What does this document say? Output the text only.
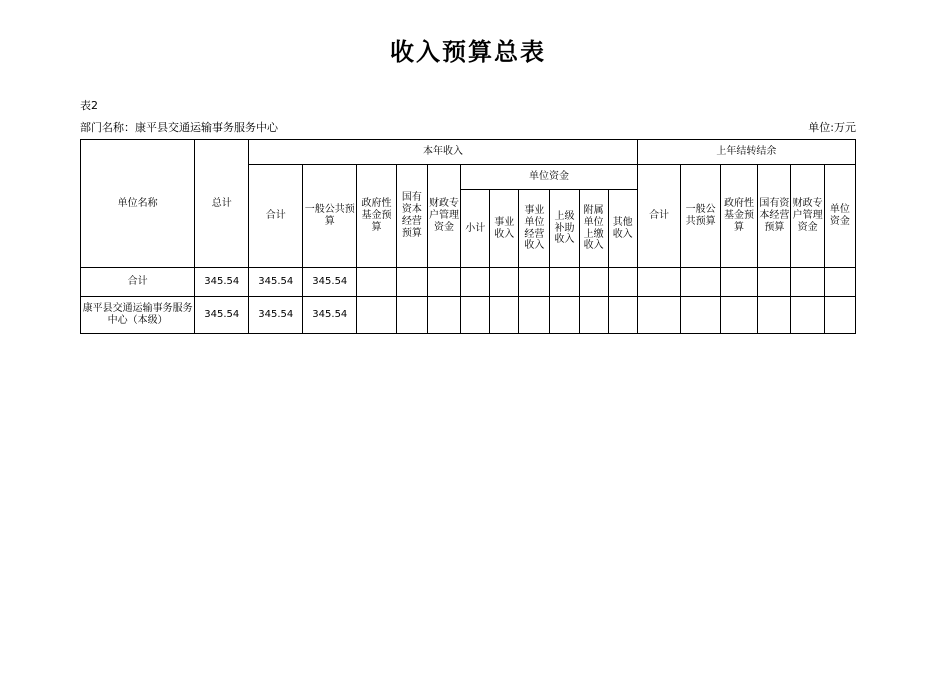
收入预算总表
表2
部门名称：康平县交通运输事务服务中心	单位:万元
单位名称	总计	本年收入											上年结转结余					
		合计	一般公共预算	政府性基金预算	国有资本经营预算	财政专户管理资金	单位资金						合计	一般公共预算	政府性基金预算	国有资本经营预算	财政专户管理资金	单位资金
							小计	事业收入	事业单位经营收入	上级补助收入	附属单位上缴收入	其他收入						

合计	345.54	345.54	345.54															
康平县交通运输事务服务中心（本级）	345.54	345.54	345.54															
